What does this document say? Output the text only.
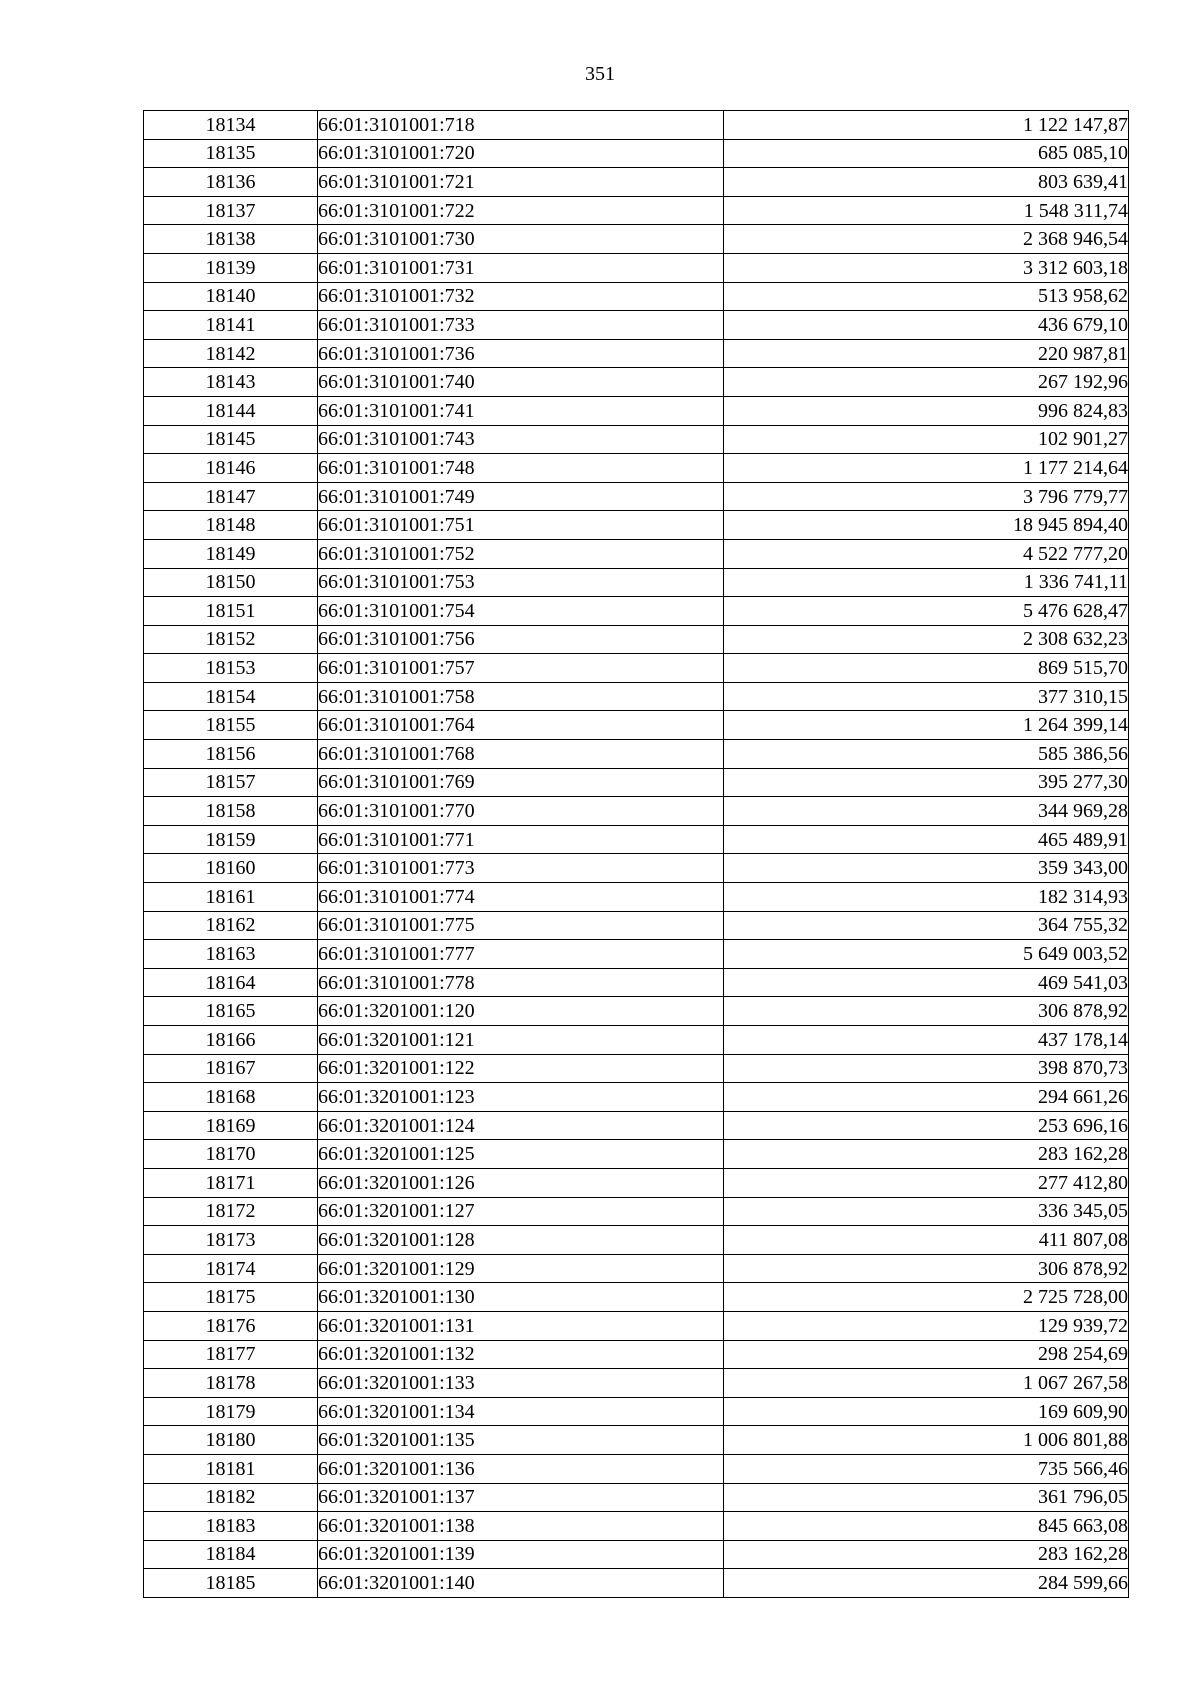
351
18134	66:01:3101001:718	1 122 147,87
18135	66:01:3101001:720	685 085,10
18136	66:01:3101001:721	803 639,41
18137	66:01:3101001:722	1 548 311,74
18138	66:01:3101001:730	2 368 946,54
18139	66:01:3101001:731	3 312 603,18
18140	66:01:3101001:732	513 958,62
18141	66:01:3101001:733	436 679,10
18142	66:01:3101001:736	220 987,81
18143	66:01:3101001:740	267 192,96
18144	66:01:3101001:741	996 824,83
18145	66:01:3101001:743	102 901,27
18146	66:01:3101001:748	1 177 214,64
18147	66:01:3101001:749	3 796 779,77
18148	66:01:3101001:751	18 945 894,40
18149	66:01:3101001:752	4 522 777,20
18150	66:01:3101001:753	1 336 741,11
18151	66:01:3101001:754	5 476 628,47
18152	66:01:3101001:756	2 308 632,23
18153	66:01:3101001:757	869 515,70
18154	66:01:3101001:758	377 310,15
18155	66:01:3101001:764	1 264 399,14
18156	66:01:3101001:768	585 386,56
18157	66:01:3101001:769	395 277,30
18158	66:01:3101001:770	344 969,28
18159	66:01:3101001:771	465 489,91
18160	66:01:3101001:773	359 343,00
18161	66:01:3101001:774	182 314,93
18162	66:01:3101001:775	364 755,32
18163	66:01:3101001:777	5 649 003,52
18164	66:01:3101001:778	469 541,03
18165	66:01:3201001:120	306 878,92
18166	66:01:3201001:121	437 178,14
18167	66:01:3201001:122	398 870,73
18168	66:01:3201001:123	294 661,26
18169	66:01:3201001:124	253 696,16
18170	66:01:3201001:125	283 162,28
18171	66:01:3201001:126	277 412,80
18172	66:01:3201001:127	336 345,05
18173	66:01:3201001:128	411 807,08
18174	66:01:3201001:129	306 878,92
18175	66:01:3201001:130	2 725 728,00
18176	66:01:3201001:131	129 939,72
18177	66:01:3201001:132	298 254,69
18178	66:01:3201001:133	1 067 267,58
18179	66:01:3201001:134	169 609,90
18180	66:01:3201001:135	1 006 801,88
18181	66:01:3201001:136	735 566,46
18182	66:01:3201001:137	361 796,05
18183	66:01:3201001:138	845 663,08
18184	66:01:3201001:139	283 162,28
18185	66:01:3201001:140	284 599,66
